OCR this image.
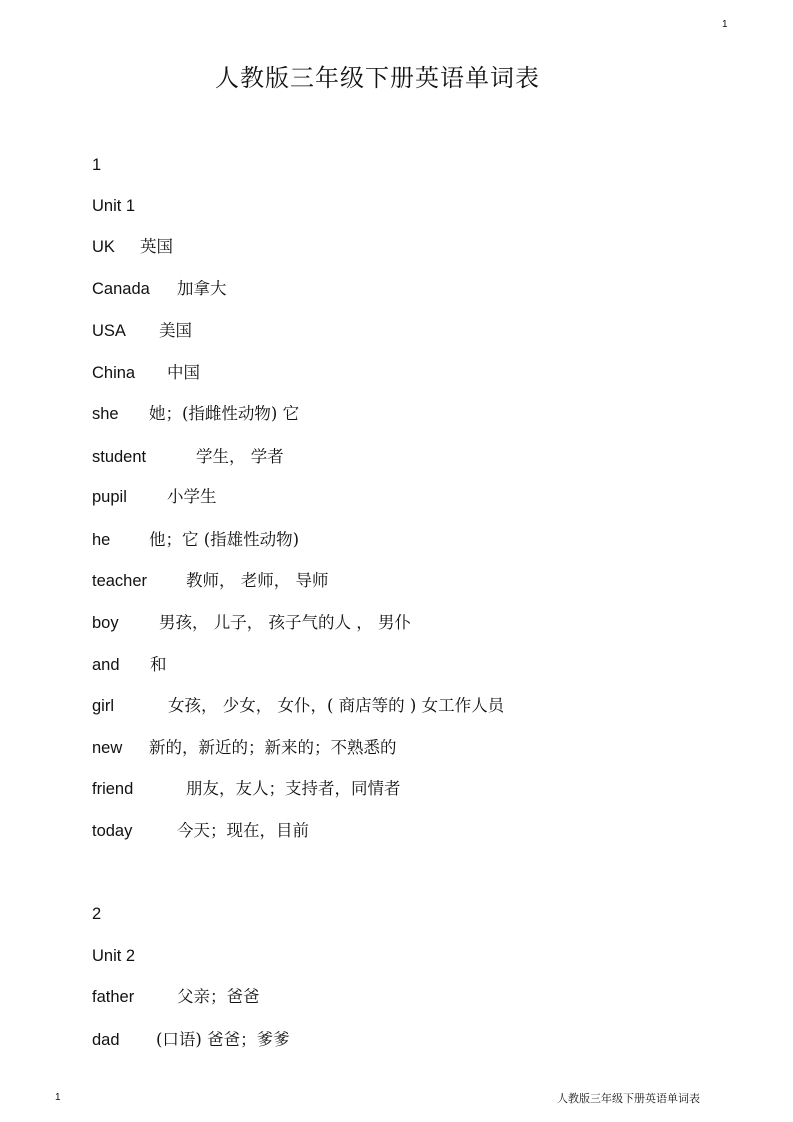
1
人教版三年级下册英语单词表
1
Unit 1
UK 英国
Canada 加拿大
USA 美国
China 中国
she 她；(指雌性动物) 它
student	学生， 学者
pupil 小学生
he 他；它 (指雄性动物)
teacher 教师， 老师， 导师
boy 男孩， 儿子， 孩子气的人 ， 男仆
and 和
girl	女孩， 少女， 女仆，( 商店等的 ) 女工作人员
new 新的，新近的；新来的；不熟悉的
friend	朋友，友人；支持者，同情者
today	今天；现在，目前
2
Unit 2
father	父亲；爸爸
dad (口语) 爸爸；爹爹
1	人教版三年级下册英语单词表
